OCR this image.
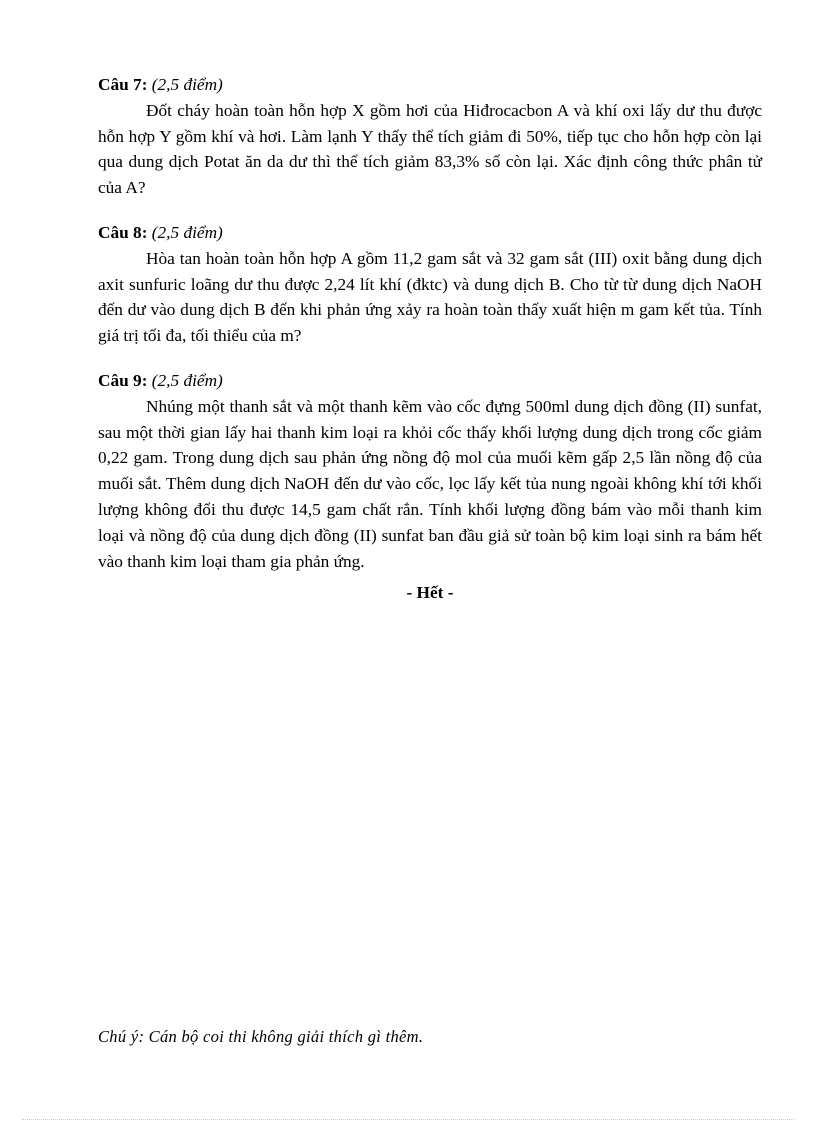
Câu 7: (2,5 điểm)

Đốt cháy hoàn toàn hỗn hợp X gồm hơi của Hiđrocacbon A và khí oxi lấy dư thu được hỗn hợp Y gồm khí và hơi. Làm lạnh Y thấy thể tích giảm đi 50%, tiếp tục cho hỗn hợp còn lại qua dung dịch Potat ăn da dư thì thể tích giảm 83,3% số còn lại. Xác định công thức phân tử của A?

Câu 8: (2,5 điểm)

Hòa tan hoàn toàn hỗn hợp A gồm 11,2 gam sắt và 32 gam sắt (III) oxit bằng dung dịch axit sunfuric loãng dư thu được 2,24 lít khí (đktc) và dung dịch B. Cho từ từ dung dịch NaOH đến dư vào dung dịch B đến khi phản ứng xảy ra hoàn toàn thấy xuất hiện m gam kết tủa. Tính giá trị tối đa, tối thiểu của m?

Câu 9: (2,5 điểm)

Nhúng một thanh sắt và một thanh kẽm vào cốc đựng 500ml dung dịch đồng (II) sunfat, sau một thời gian lấy hai thanh kim loại ra khỏi cốc thấy khối lượng dung dịch trong cốc giảm 0,22 gam. Trong dung dịch sau phản ứng nồng độ mol của muối kẽm gấp 2,5 lần nồng độ của muối sắt. Thêm dung dịch NaOH đến dư vào cốc, lọc lấy kết tủa nung ngoài không khí tới khối lượng không đổi thu được 14,5 gam chất rắn. Tính khối lượng đồng bám vào mỗi thanh kim loại và nồng độ của dung dịch đồng (II) sunfat ban đầu giả sử toàn bộ kim loại sinh ra bám hết vào thanh kim loại tham gia phản ứng.

- Hết -
Chú ý: Cán bộ coi thi không giải thích gì thêm.
